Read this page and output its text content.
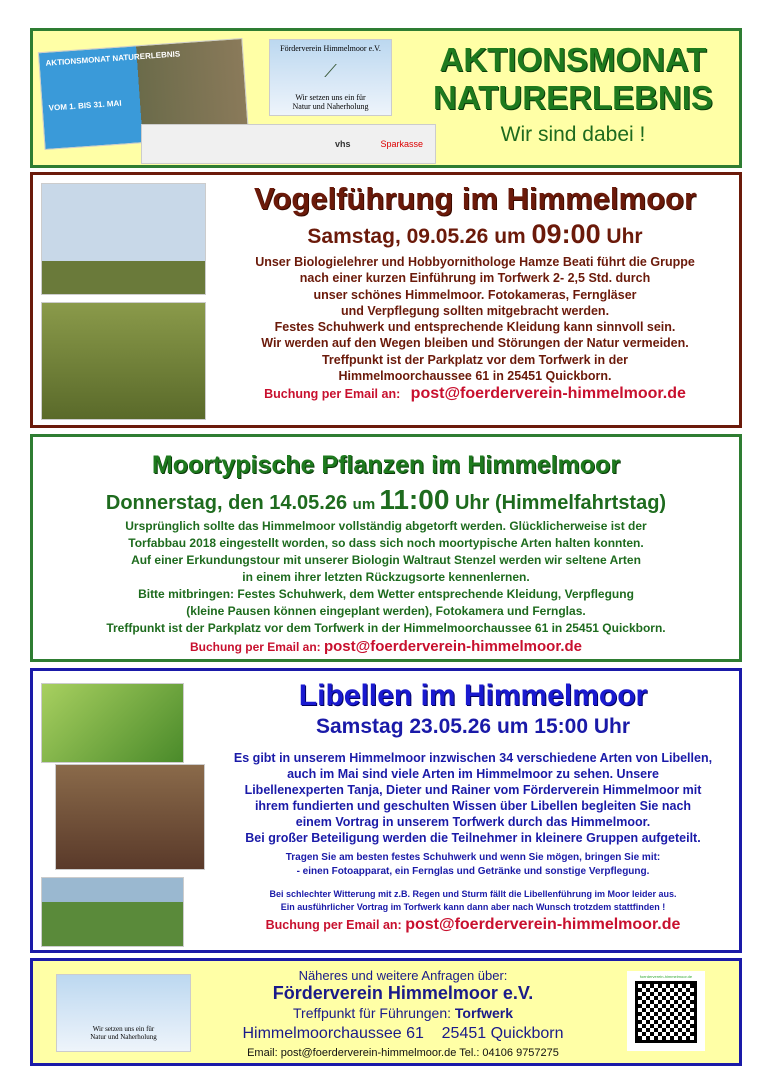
AKTIONSMONAT NATURERLEBNIS

VOM 1. BIS 31. MAI
Förderverein Himmelmoor e.V.
⟋
Wir setzen uns ein für
Natur und Naherholung
vhs	Sparkasse
AKTIONSMONAT
NATURERLEBNIS
Wir sind dabei !
Vogelführung im Himmelmoor
Samstag, 09.05.26 um 09:00 Uhr
Unser Biologielehrer und Hobbyornithologe Hamze Beati führt die Gruppe
nach einer kurzen Einführung im Torfwerk 2- 2,5 Std. durch
unser schönes Himmelmoor. Fotokameras, Ferngläser
und Verpflegung sollten mitgebracht werden.
Festes Schuhwerk und entsprechende Kleidung kann sinnvoll sein.
Wir werden auf den Wegen bleiben und Störungen der Natur vermeiden.
Treffpunkt ist der Parkplatz vor dem Torfwerk in der
Himmelmoorchaussee 61 in 25451 Quickborn.
Buchung per Email an: post@foerderverein-himmelmoor.de
Moortypische Pflanzen im Himmelmoor
Donnerstag, den 14.05.26 um 11:00 Uhr (Himmelfahrtstag)
Ursprünglich sollte das Himmelmoor vollständig abgetorft werden. Glücklicherweise ist der
Torfabbau 2018 eingestellt worden, so dass sich noch moortypische Arten halten konnten.
Auf einer Erkundungstour mit unserer Biologin Waltraut Stenzel werden wir seltene Arten
in einem ihrer letzten Rückzugsorte kennenlernen.
Bitte mitbringen: Festes Schuhwerk, dem Wetter entsprechende Kleidung, Verpflegung
(kleine Pausen können eingeplant werden), Fotokamera und Fernglas.
Treffpunkt ist der Parkplatz vor dem Torfwerk in der Himmelmoorchaussee 61 in 25451 Quickborn.
Buchung per Email an: post@foerderverein-himmelmoor.de
Libellen im Himmelmoor
Samstag 23.05.26 um 15:00 Uhr
Es gibt in unserem Himmelmoor inzwischen 34 verschiedene Arten von Libellen,
auch im Mai sind viele Arten im Himmelmoor zu sehen. Unsere
Libellenexperten Tanja, Dieter und Rainer vom Förderverein Himmelmoor mit
ihrem fundierten und geschulten Wissen über Libellen begleiten Sie nach
einem Vortrag in unserem Torfwerk durch das Himmelmoor.
Bei großer Beteiligung werden die Teilnehmer in kleinere Gruppen aufgeteilt.
Tragen Sie am besten festes Schuhwerk und wenn Sie mögen, bringen Sie mit:
- einen Fotoapparat, ein Fernglas und Getränke und sonstige Verpflegung.
Bei schlechter Witterung mit z.B. Regen und Sturm fällt die Libellenführung im Moor leider aus.
Ein ausführlicher Vortrag im Torfwerk kann dann aber nach Wunsch trotzdem stattfinden !
Buchung per Email an: post@foerderverein-himmelmoor.de
Wir setzen uns ein für
Natur und Naherholung
Näheres und weitere Anfragen über:
Förderverein Himmelmoor e.V.
Treffpunkt für Führungen: Torfwerk
Himmelmoorchaussee 61    25451 Quickborn
Email: post@foerderverein-himmelmoor.de Tel.: 04106 9757275
foerderverein-himmelmoor.de
